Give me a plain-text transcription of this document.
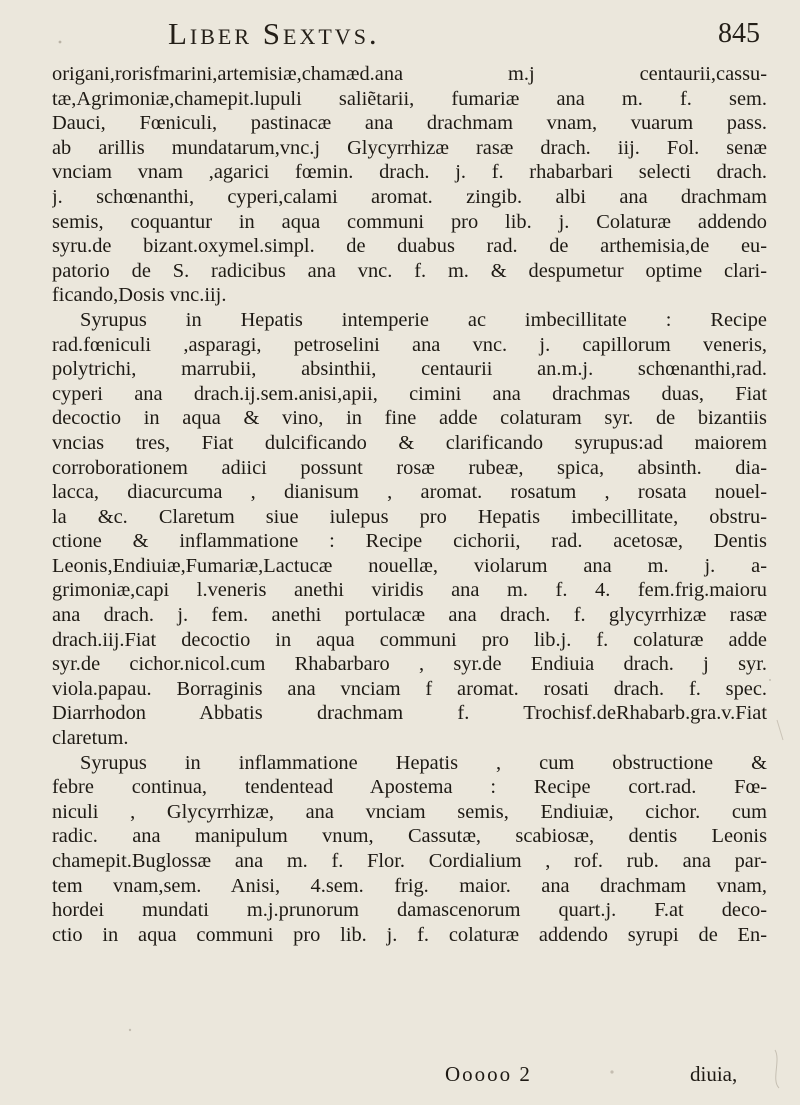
Liber Sextvs.	845
origani,rorisfmarini,artemisiæ,chamæd.ana m.j centaurii,cassu-
tæ,Agrimoniæ,chamepit.lupuli saliẽtarii, fumariæ ana m. f. sem.
Dauci, Fœniculi, pastinacæ ana drachmam vnam, vuarum pass.
ab arillis mundatarum,vnc.j Glycyrrhizæ rasæ drach. iij. Fol. senæ
vnciam vnam ,agarici fœmin. drach. j. f. rhabarbari selecti drach.
j. schœnanthi, cyperi,calami aromat. zingib. albi ana drachmam
semis, coquantur in aqua communi pro lib. j. Colaturæ addendo
syru.de bizant.oxymel.simpl. de duabus rad. de arthemisia,de eu-
patorio de S. radicibus ana vnc. f. m. & despumetur optime clari-
ficando,Dosis vnc.iij.
Syrupus in Hepatis intemperie ac imbecillitate : Recipe
rad.fœniculi ,asparagi, petroselini ana vnc. j. capillorum veneris,
polytrichi, marrubii, absinthii, centaurii an.m.j. schœnanthi,rad.
cyperi ana drach.ij.sem.anisi,apii, cimini ana drachmas duas, Fiat
decoctio in aqua & vino, in fine adde colaturam syr. de bizantiis
vncias tres, Fiat dulcificando & clarificando syrupus:ad maiorem
corroborationem adiici possunt rosæ rubeæ, spica, absinth. dia-
lacca, diacurcuma , dianisum , aromat. rosatum , rosata nouel-
la &c. Claretum siue iulepus pro Hepatis imbecillitate, obstru-
ctione & inflammatione : Recipe cichorii, rad. acetosæ, Dentis
Leonis,Endiuiæ,Fumariæ,Lactucæ nouellæ, violarum ana m. j. a-
grimoniæ,capi l.veneris anethi viridis ana m. f. 4. fem.frig.maioru
ana drach. j. fem. anethi portulacæ ana drach. f. glycyrrhizæ rasæ
drach.iij.Fiat decoctio in aqua communi pro lib.j. f. colaturæ adde
syr.de cichor.nicol.cum Rhabarbaro , syr.de Endiuia drach. j syr.
viola.papau. Borraginis ana vnciam f aromat. rosati drach. f. spec.
Diarrhodon Abbatis drachmam f. Trochisf.deRhabarb.gra.v.Fiat
claretum.
Syrupus in inflammatione Hepatis , cum obstructione &
febre continua, tendentead Apostema : Recipe cort.rad. Fœ-
niculi , Glycyrrhizæ, ana vnciam semis, Endiuiæ, cichor. cum
radic. ana manipulum vnum, Cassutæ, scabiosæ, dentis Leonis
chamepit.Buglossæ ana m. f. Flor. Cordialium , rof. rub. ana par-
tem vnam,sem. Anisi, 4.sem. frig. maior. ana drachmam vnam,
hordei mundati m.j.prunorum damascenorum quart.j. F.at deco-
ctio in aqua communi pro lib. j. f. colaturæ addendo syrupi de En-
Ooooo 2	diuia,
